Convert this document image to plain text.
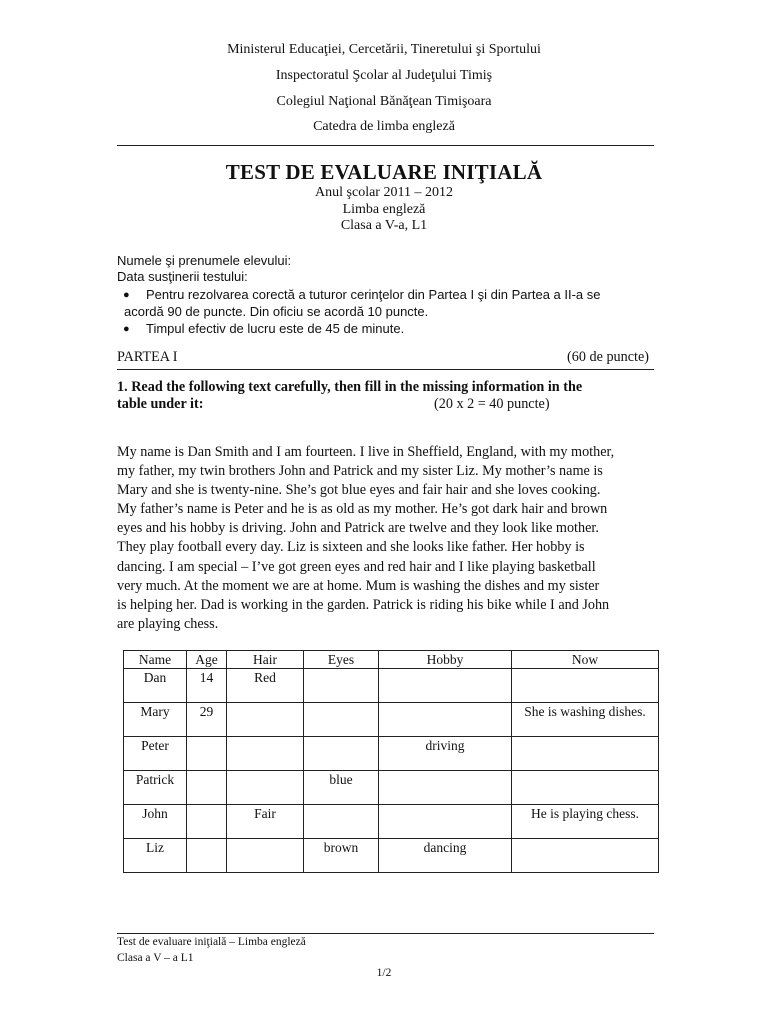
Ministerul Educaţiei, Cercetării, Tineretului şi Sportului
Inspectoratul Şcolar al Judeţului Timiş
Colegiul Naţional Bănăţean Timişoara
Catedra de limba engleză
TEST DE EVALUARE INIŢIALĂ
Anul şcolar 2011 – 2012
Limba engleză
Clasa a V-a, L1
Numele şi prenumele elevului:
Data susţinerii testului:
● Pentru rezolvarea corectă a tuturor cerinţelor din Partea I şi din Partea a II-a se
acordă 90 de puncte. Din oficiu se acordă 10 puncte.
● Timpul efectiv de lucru este de 45 de minute.
PARTEA I	(60 de puncte)
1. Read the following text carefully, then fill in the missing information in the
table under it:	(20 x 2 = 40 puncte)
My name is Dan Smith and I am fourteen. I live in Sheffield, England, with my mother,
my father, my twin brothers John and Patrick and my sister Liz. My mother’s name is
Mary and she is twenty-nine. She’s got blue eyes and fair hair and she loves cooking.
My father’s name is Peter and he is as old as my mother. He’s got dark hair and brown
eyes and his hobby is driving. John and Patrick are twelve and they look like mother.
They play football every day. Liz is sixteen and she looks like father. Her hobby is
dancing. I am special – I’ve got green eyes and red hair and I like playing basketball
very much. At the moment we are at home. Mum is washing the dishes and my sister
is helping her. Dad is working in the garden. Patrick is riding his bike while I and John
are playing chess.
Name	Age	Hair	Eyes	Hobby	Now
Dan	14	Red			
Mary	29				She is washing dishes.
Peter				driving	
Patrick			blue		
John		Fair			He is playing chess.
Liz			brown	dancing	
Test de evaluare iniţială – Limba engleză
Clasa a V – a L1
1/2
